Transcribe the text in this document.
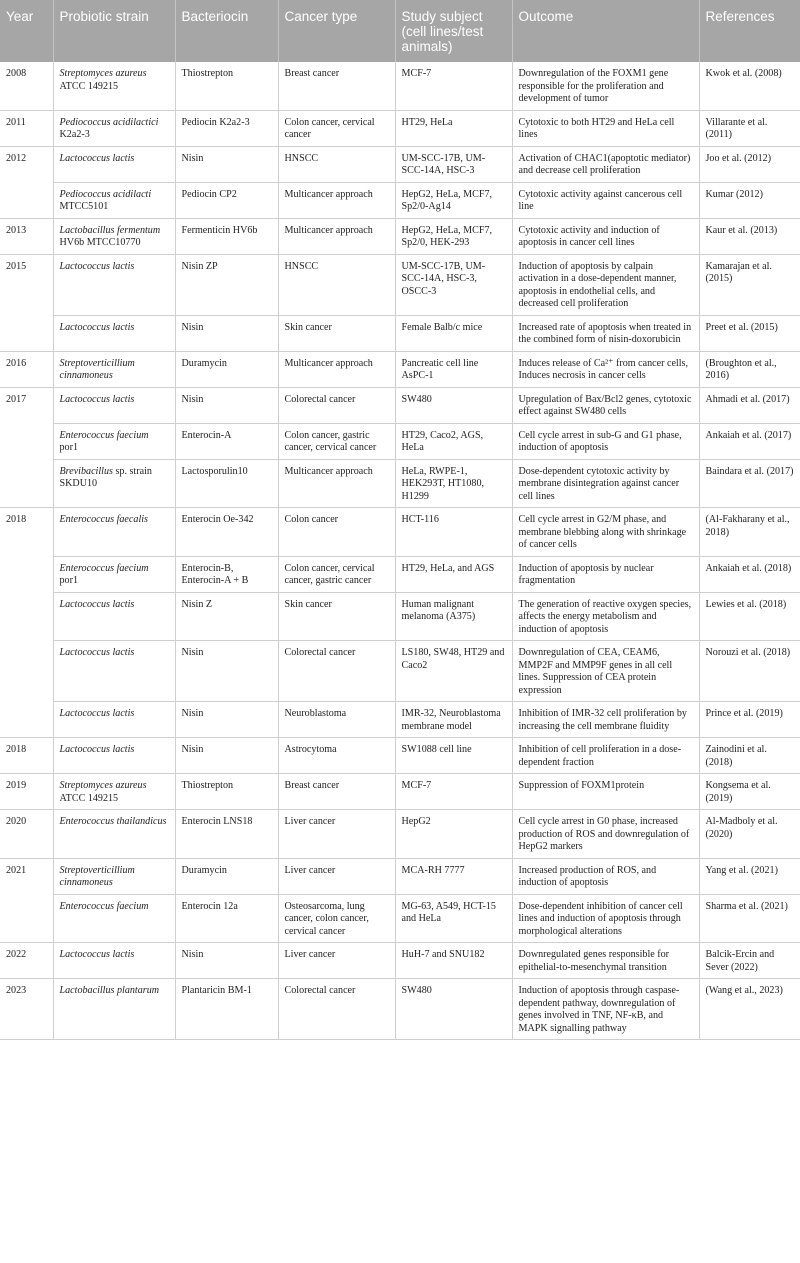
Year	Probiotic strain	Bacteriocin	Cancer type	Study subject (cell lines/test animals)	Outcome	References
2008	Streptomyces azureus ATCC 149215	Thiostrepton	Breast cancer	MCF-7	Downregulation of the FOXM1 gene responsible for the proliferation and development of tumor	Kwok et al. (2008)
2011	Pediococcus acidilactici K2a2-3	Pediocin K2a2-3	Colon cancer, cervical cancer	HT29, HeLa	Cytotoxic to both HT29 and HeLa cell lines	Villarante et al. (2011)
2012	Lactococcus lactis	Nisin	HNSCC	UM-SCC-17B, UM-SCC-14A, HSC-3	Activation of CHAC1(apoptotic mediator) and decrease cell proliferation	Joo et al. (2012)
	Pediococcus acidilacti MTCC5101	Pediocin CP2	Multicancer approach	HepG2, HeLa, MCF7, Sp2/0-Ag14	Cytotoxic activity against cancerous cell line	Kumar (2012)
2013	Lactobacillus fermentum HV6b MTCC10770	Fermenticin HV6b	Multicancer approach	HepG2, HeLa, MCF7, Sp2/0, HEK-293	Cytotoxic activity and induction of apoptosis in cancer cell lines	Kaur et al. (2013)
2015	Lactococcus lactis	Nisin ZP	HNSCC	UM-SCC-17B, UM-SCC-14A, HSC-3, OSCC-3	Induction of apoptosis by calpain activation in a dose-dependent manner, apoptosis in endothelial cells, and decreased cell proliferation	Kamarajan et al. (2015)
	Lactococcus lactis	Nisin	Skin cancer	Female Balb/c mice	Increased rate of apoptosis when treated in the combined form of nisin-doxorubicin	Preet et al. (2015)
2016	Streptoverticillium cinnamoneus	Duramycin	Multicancer approach	Pancreatic cell line AsPC-1	Induces release of Ca²⁺ from cancer cells, Induces necrosis in cancer cells	(Broughton et al., 2016)
2017	Lactococcus lactis	Nisin	Colorectal cancer	SW480	Upregulation of Bax/Bcl2 genes, cytotoxic effect against SW480 cells	Ahmadi et al. (2017)
	Enterococcus faecium por1	Enterocin-A	Colon cancer, gastric cancer, cervical cancer	HT29, Caco2, AGS, HeLa	Cell cycle arrest in sub-G and G1 phase, induction of apoptosis	Ankaiah et al. (2017)
	Brevibacillus sp. strain SKDU10	Lactosporulin10	Multicancer approach	HeLa, RWPE-1, HEK293T, HT1080, H1299	Dose-dependent cytotoxic activity by membrane disintegration against cancer cell lines	Baindara et al. (2017)
2018	Enterococcus faecalis	Enterocin Oe-342	Colon cancer	HCT-116	Cell cycle arrest in G2/M phase, and membrane blebbing along with shrinkage of cancer cells	(Al-Fakharany et al., 2018)
	Enterococcus faecium por1	Enterocin-B, Enterocin-A + B	Colon cancer, cervical cancer, gastric cancer	HT29, HeLa, and AGS	Induction of apoptosis by nuclear fragmentation	Ankaiah et al. (2018)
	Lactococcus lactis	Nisin Z	Skin cancer	Human malignant melanoma (A375)	The generation of reactive oxygen species, affects the energy metabolism and induction of apoptosis	Lewies et al. (2018)
	Lactococcus lactis	Nisin	Colorectal cancer	LS180, SW48, HT29 and Caco2	Downregulation of CEA, CEAM6, MMP2F and MMP9F genes in all cell lines. Suppression of CEA protein expression	Norouzi et al. (2018)
	Lactococcus lactis	Nisin	Neuroblastoma	IMR-32, Neuroblastoma membrane model	Inhibition of IMR-32 cell proliferation by increasing the cell membrane fluidity	Prince et al. (2019)
2018	Lactococcus lactis	Nisin	Astrocytoma	SW1088 cell line	Inhibition of cell proliferation in a dose-dependent fraction	Zainodini et al. (2018)
2019	Streptomyces azureus ATCC 149215	Thiostrepton	Breast cancer	MCF-7	Suppression of FOXM1protein	Kongsema et al. (2019)
2020	Enterococcus thailandicus	Enterocin LNS18	Liver cancer	HepG2	Cell cycle arrest in G0 phase, increased production of ROS and downregulation of HepG2 markers	Al-Madboly et al. (2020)
2021	Streptoverticillium cinnamoneus	Duramycin	Liver cancer	MCA-RH 7777	Increased production of ROS, and induction of apoptosis	Yang et al. (2021)
	Enterococcus faecium	Enterocin 12a	Osteosarcoma, lung cancer, colon cancer, cervical cancer	MG-63, A549, HCT-15 and HeLa	Dose-dependent inhibition of cancer cell lines and induction of apoptosis through morphological alterations	Sharma et al. (2021)
2022	Lactococcus lactis	Nisin	Liver cancer	HuH-7 and SNU182	Downregulated genes responsible for epithelial-to-mesenchymal transition	Balcik-Ercin and Sever (2022)
2023	Lactobacillus plantarum	Plantaricin BM-1	Colorectal cancer	SW480	Induction of apoptosis through caspase-dependent pathway, downregulation of genes involved in TNF, NF-κB, and MAPK signalling pathway	(Wang et al., 2023)
